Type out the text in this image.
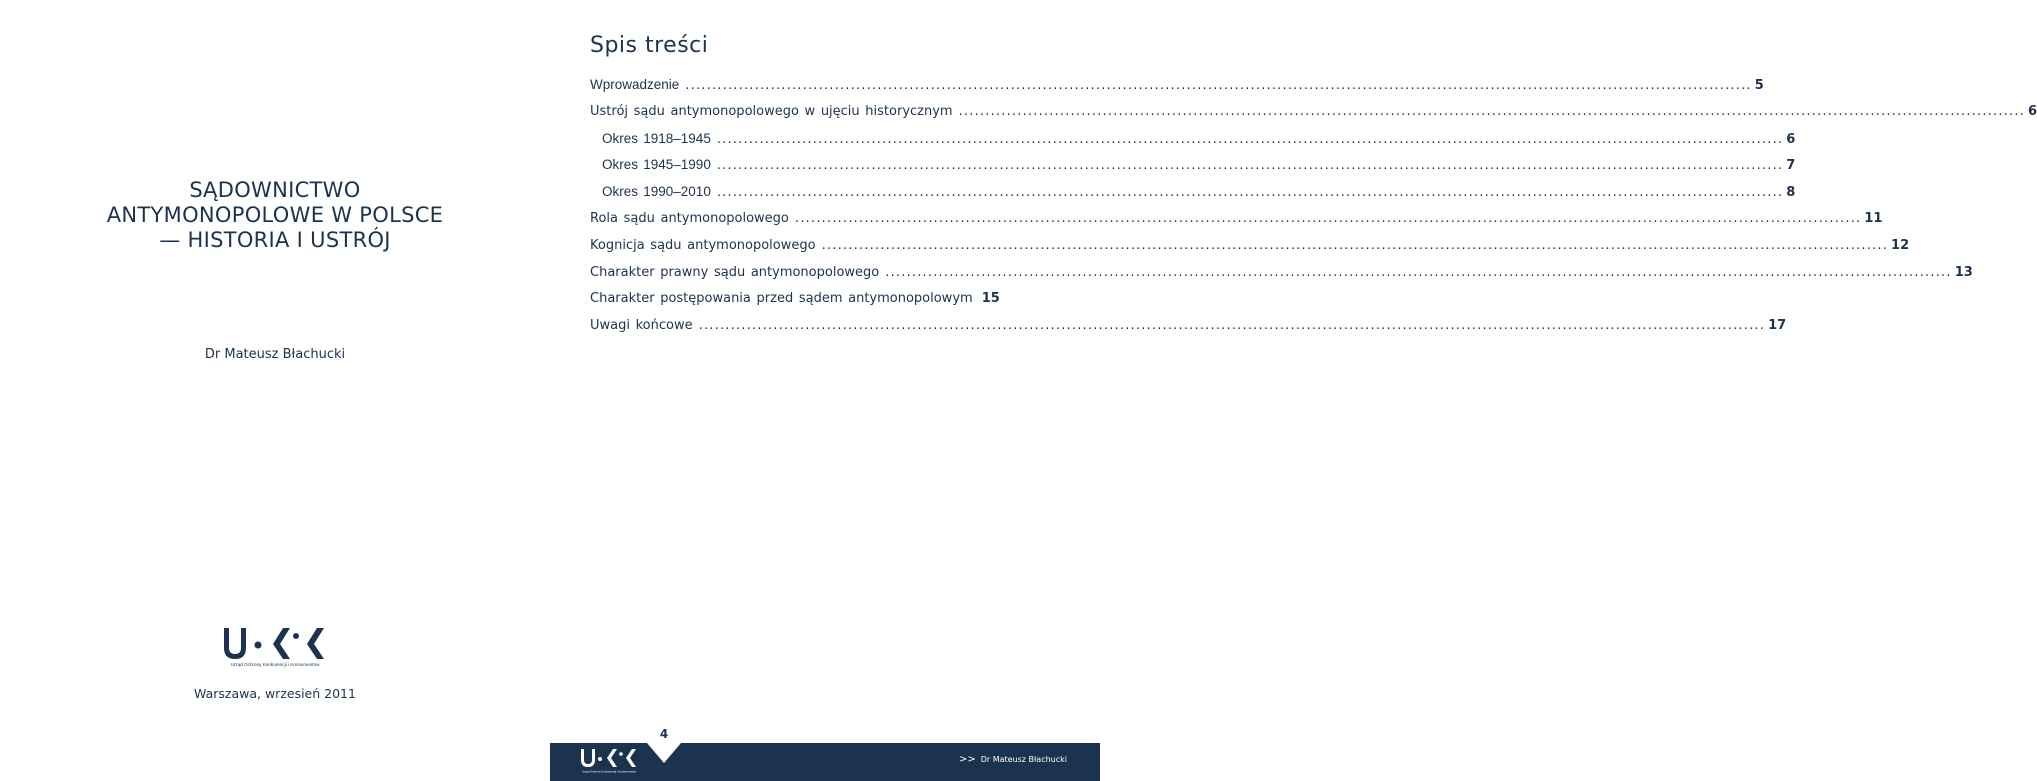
SĄDOWNICTWO
ANTYMONOPOLOWE W POLSCE
— HISTORIA I USTRÓJ
Dr Mateusz Błachucki
Urząd Ochrony Konkurencji i Konsumentów
Warszawa, wrzesień 2011
Spis treści
Wprowadzenie ........................................................................................................................................................................................................ 5
Ustrój sądu antymonopolowego w ujęciu historycznym ........................................................................................................................................................................................................ 6
Okres 1918–1945 ........................................................................................................................................................................................................ 6
Okres 1945–1990 ........................................................................................................................................................................................................ 7
Okres 1990–2010 ........................................................................................................................................................................................................ 8
Rola sądu antymonopolowego ........................................................................................................................................................................................................ 11
Kognicja sądu antymonopolowego ........................................................................................................................................................................................................ 12
Charakter prawny sądu antymonopolowego ........................................................................................................................................................................................................ 13
Charakter postępowania przed sądem antymonopolowym 15
Uwagi końcowe ........................................................................................................................................................................................................ 17
4
Urząd Ochrony Konkurencji i Konsumentów
>> Dr Mateusz Błachucki
